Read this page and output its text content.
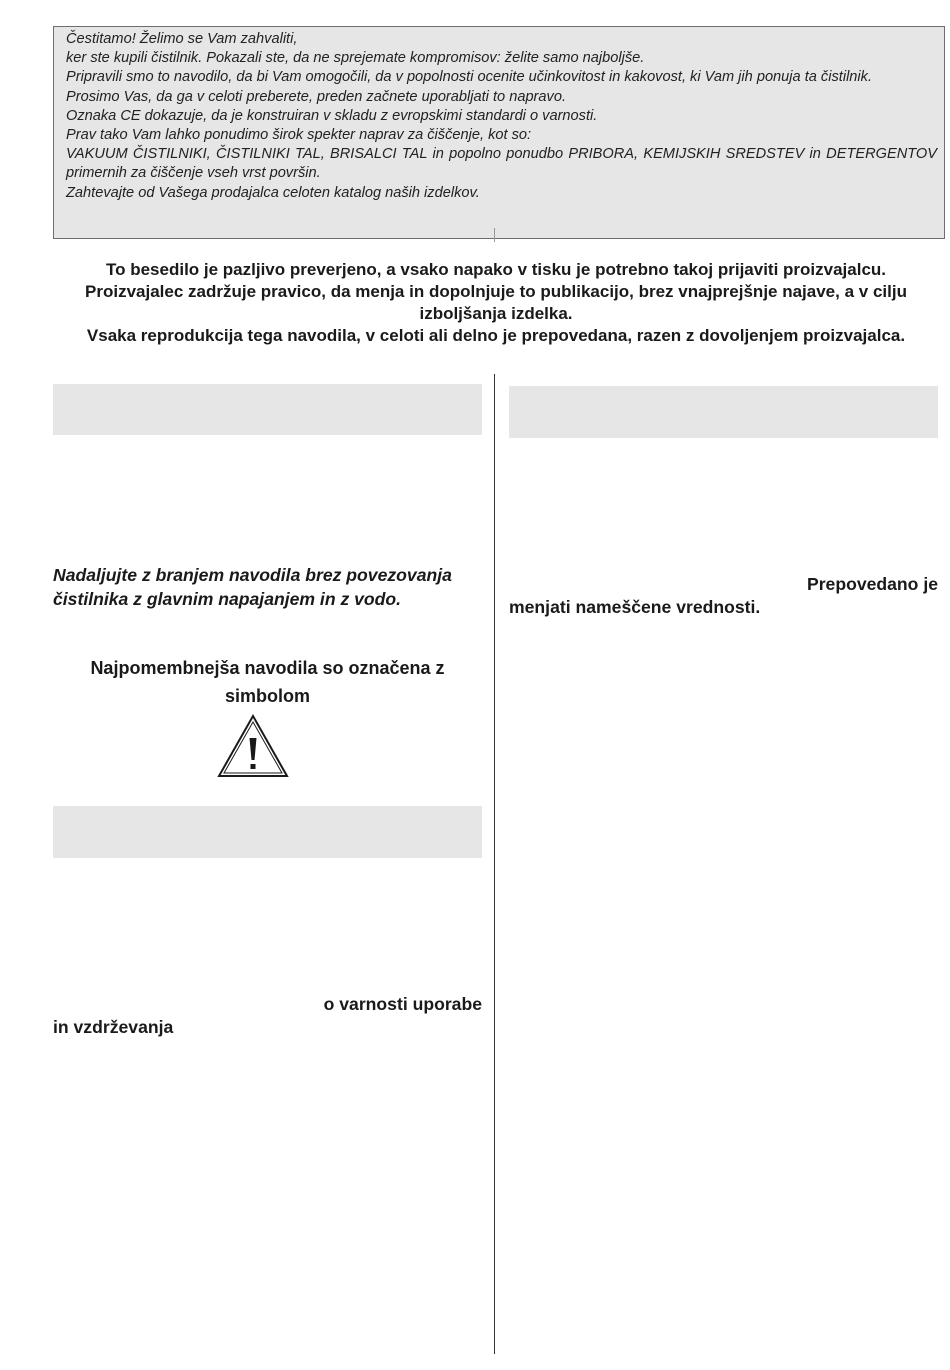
Čestitamo! Želimo se Vam zahvaliti,

ker ste kupili čistilnik. Pokazali ste, da ne sprejemate kompromisov: želite samo najboljše.

Pripravili smo to navodilo, da bi Vam omogočili, da v popolnosti ocenite učinkovitost in kakovost, ki Vam jih ponuja ta čistilnik.

Prosimo Vas, da ga v celoti preberete, preden začnete uporabljati to napravo.

Oznaka CE dokazuje, da je konstruiran v skladu z evropskimi standardi o varnosti.

Prav tako Vam lahko ponudimo širok spekter naprav za čiščenje, kot so:

VAKUUM ČISTILNIKI, ČISTILNIKI TAL, BRISALCI TAL in popolno ponudbo PRIBORA, KEMIJSKIH SREDSTEV in DETERGENTOV primernih za čiščenje vseh vrst površin.

Zahtevajte od Vašega prodajalca celoten katalog naših izdelkov.

To besedilo je pazljivo preverjeno, a vsako napako v tisku je potrebno takoj prijaviti proizvajalcu.

Proizvajalec zadržuje pravico, da menja in dopolnjuje to publikacijo, brez vnajprejšnje najave, a v cilju izboljšanja izdelka.

Vsaka reprodukcija tega navodila, v celoti ali delno je prepovedana, razen z dovoljenjem proizvajalca.

Nadaljujte z branjem navodila brez povezovanja čistilnika z glavnim napajanjem in z vodo.
Najpomembnejša navodila so označena z simbolom
o varnosti uporabe
in vzdrževanja
Prepovedano je
menjati nameščene vrednosti.
